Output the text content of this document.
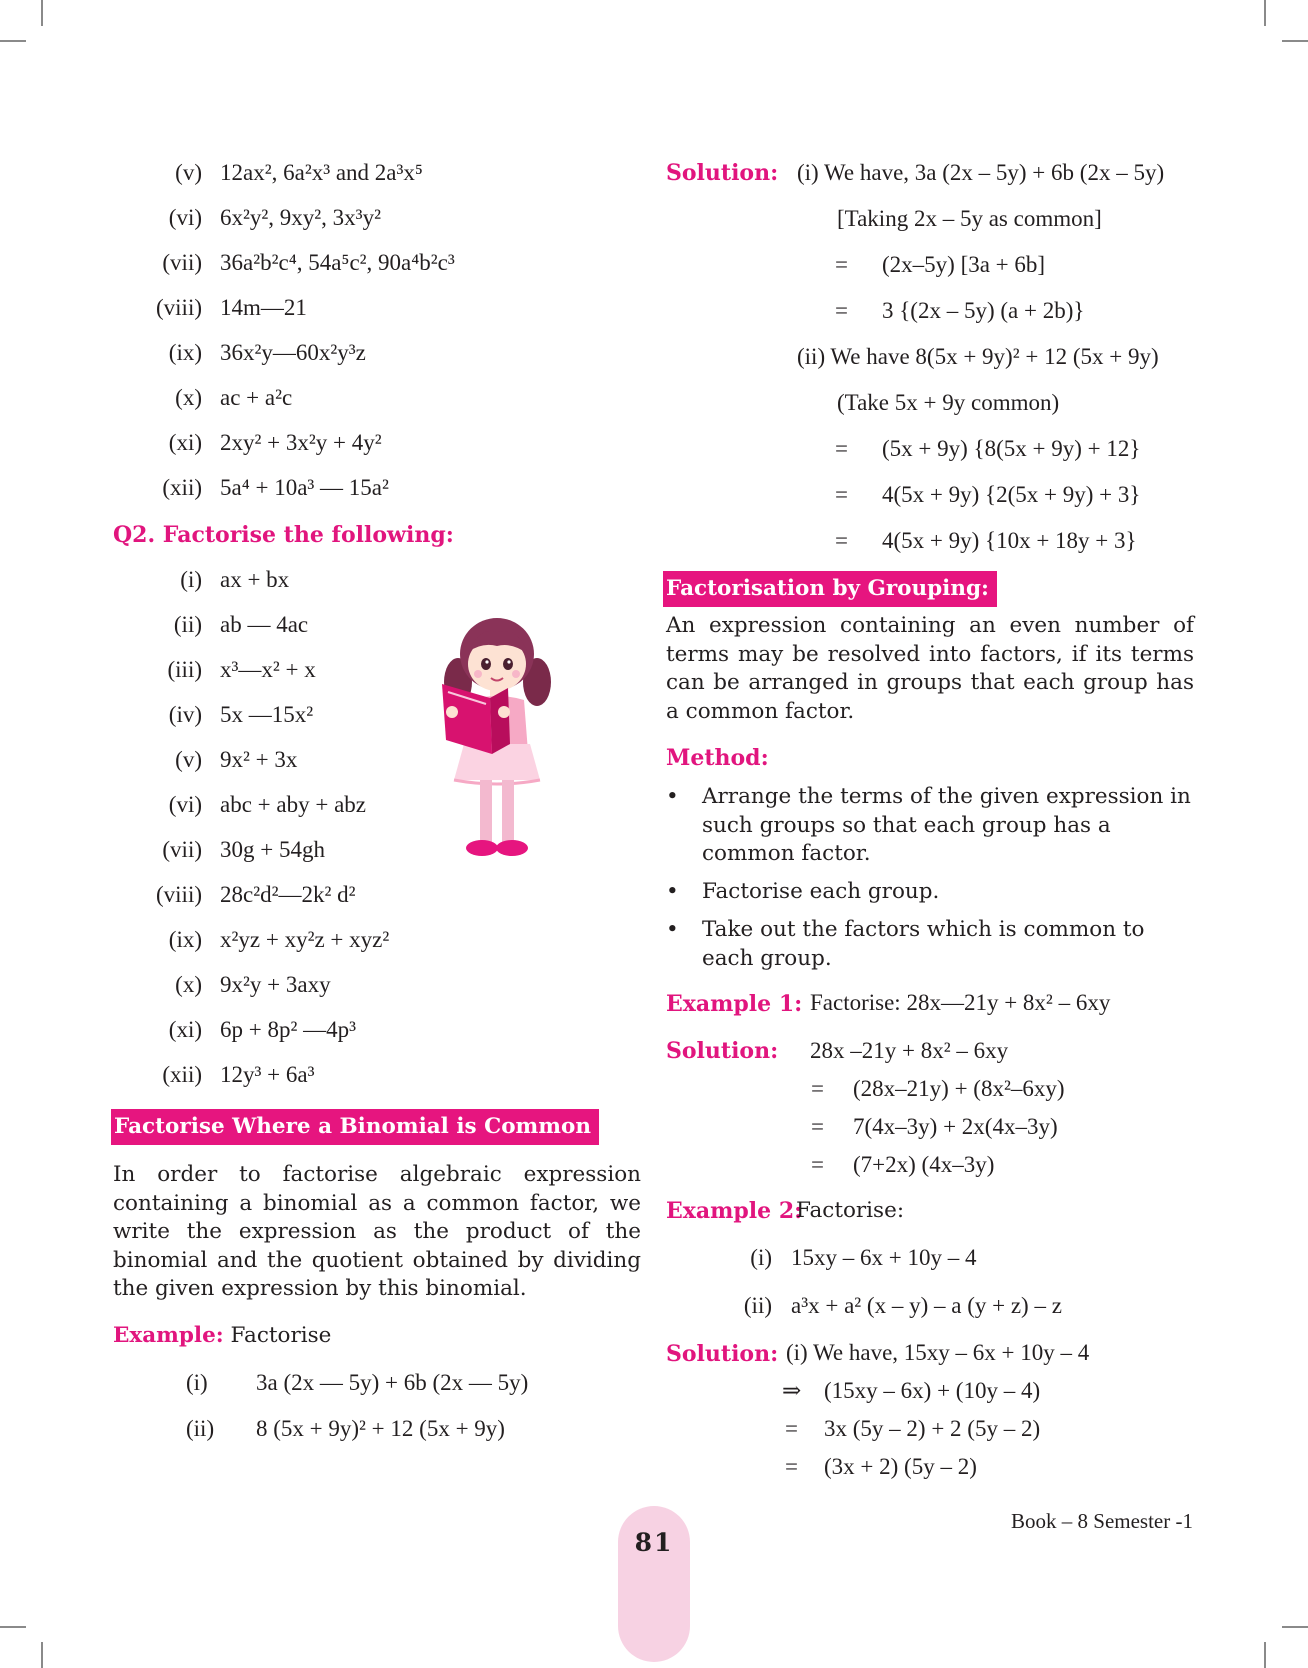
(v) 12ax², 6a²x³ and 2a³x⁵
(vi) 6x²y², 9xy², 3x³y²
(vii) 36a²b²c⁴, 54a⁵c², 90a⁴b²c³
(viii) 14m—21
(ix) 36x²y—60x²y³z
(x) ac + a²c
(xi) 2xy² + 3x²y + 4y²
(xii) 5a⁴ + 10a³ — 15a²
Q2. Factorise the following:
(i) ax + bx
(ii) ab — 4ac
(iii) x³—x² + x
(iv) 5x —15x²
(v) 9x² + 3x
(vi) abc + aby + abz
(vii) 30g + 54gh
(viii) 28c²d²—2k² d²
(ix) x²yz + xy²z + xyz²
(x) 9x²y + 3axy
(xi) 6p + 8p² —4p³
(xii) 12y³ + 6a³
Factorise Where a Binomial is Common
In order to factorise algebraic expression containing a binomial as a common factor, we write the expression as the product of the binomial and the quotient obtained by dividing the given expression by this binomial.
Example: Factorise
(i) 3a (2x — 5y) + 6b (2x — 5y)
(ii) 8 (5x + 9y)² + 12 (5x + 9y)
Solution: (i) We have, 3a (2x – 5y) + 6b (2x – 5y)
[Taking 2x – 5y as common]
= (2x–5y) [3a + 6b]
= 3 {(2x – 5y) (a + 2b)}
(ii) We have 8(5x + 9y)² + 12 (5x + 9y)
(Take 5x + 9y common)
= (5x + 9y) {8(5x + 9y) + 12}
= 4(5x + 9y) {2(5x + 9y) + 3}
= 4(5x + 9y) {10x + 18y + 3}
Factorisation by Grouping:
An expression containing an even number of terms may be resolved into factors, if its terms can be arranged in groups that each group has a common factor.
Method:
• Arrange the terms of the given expression in such groups so that each group has a common factor.
• Factorise each group.
• Take out the factors which is common to each group.
Example 1: Factorise: 28x—21y + 8x² – 6xy
Solution: 28x –21y + 8x² – 6xy
= (28x–21y) + (8x²–6xy)
= 7(4x–3y) + 2x(4x–3y)
= (7+2x) (4x–3y)
Example 2:
Factorise:
(i) 15xy – 6x + 10y – 4
(ii) a³x + a² (x – y) – a (y + z) – z
Solution: (i) We have, 15xy – 6x + 10y – 4
⇒ (15xy – 6x) + (10y – 4)
= 3x (5y – 2) + 2 (5y – 2)
= (3x + 2) (5y – 2)
81
Book – 8 Semester -1
